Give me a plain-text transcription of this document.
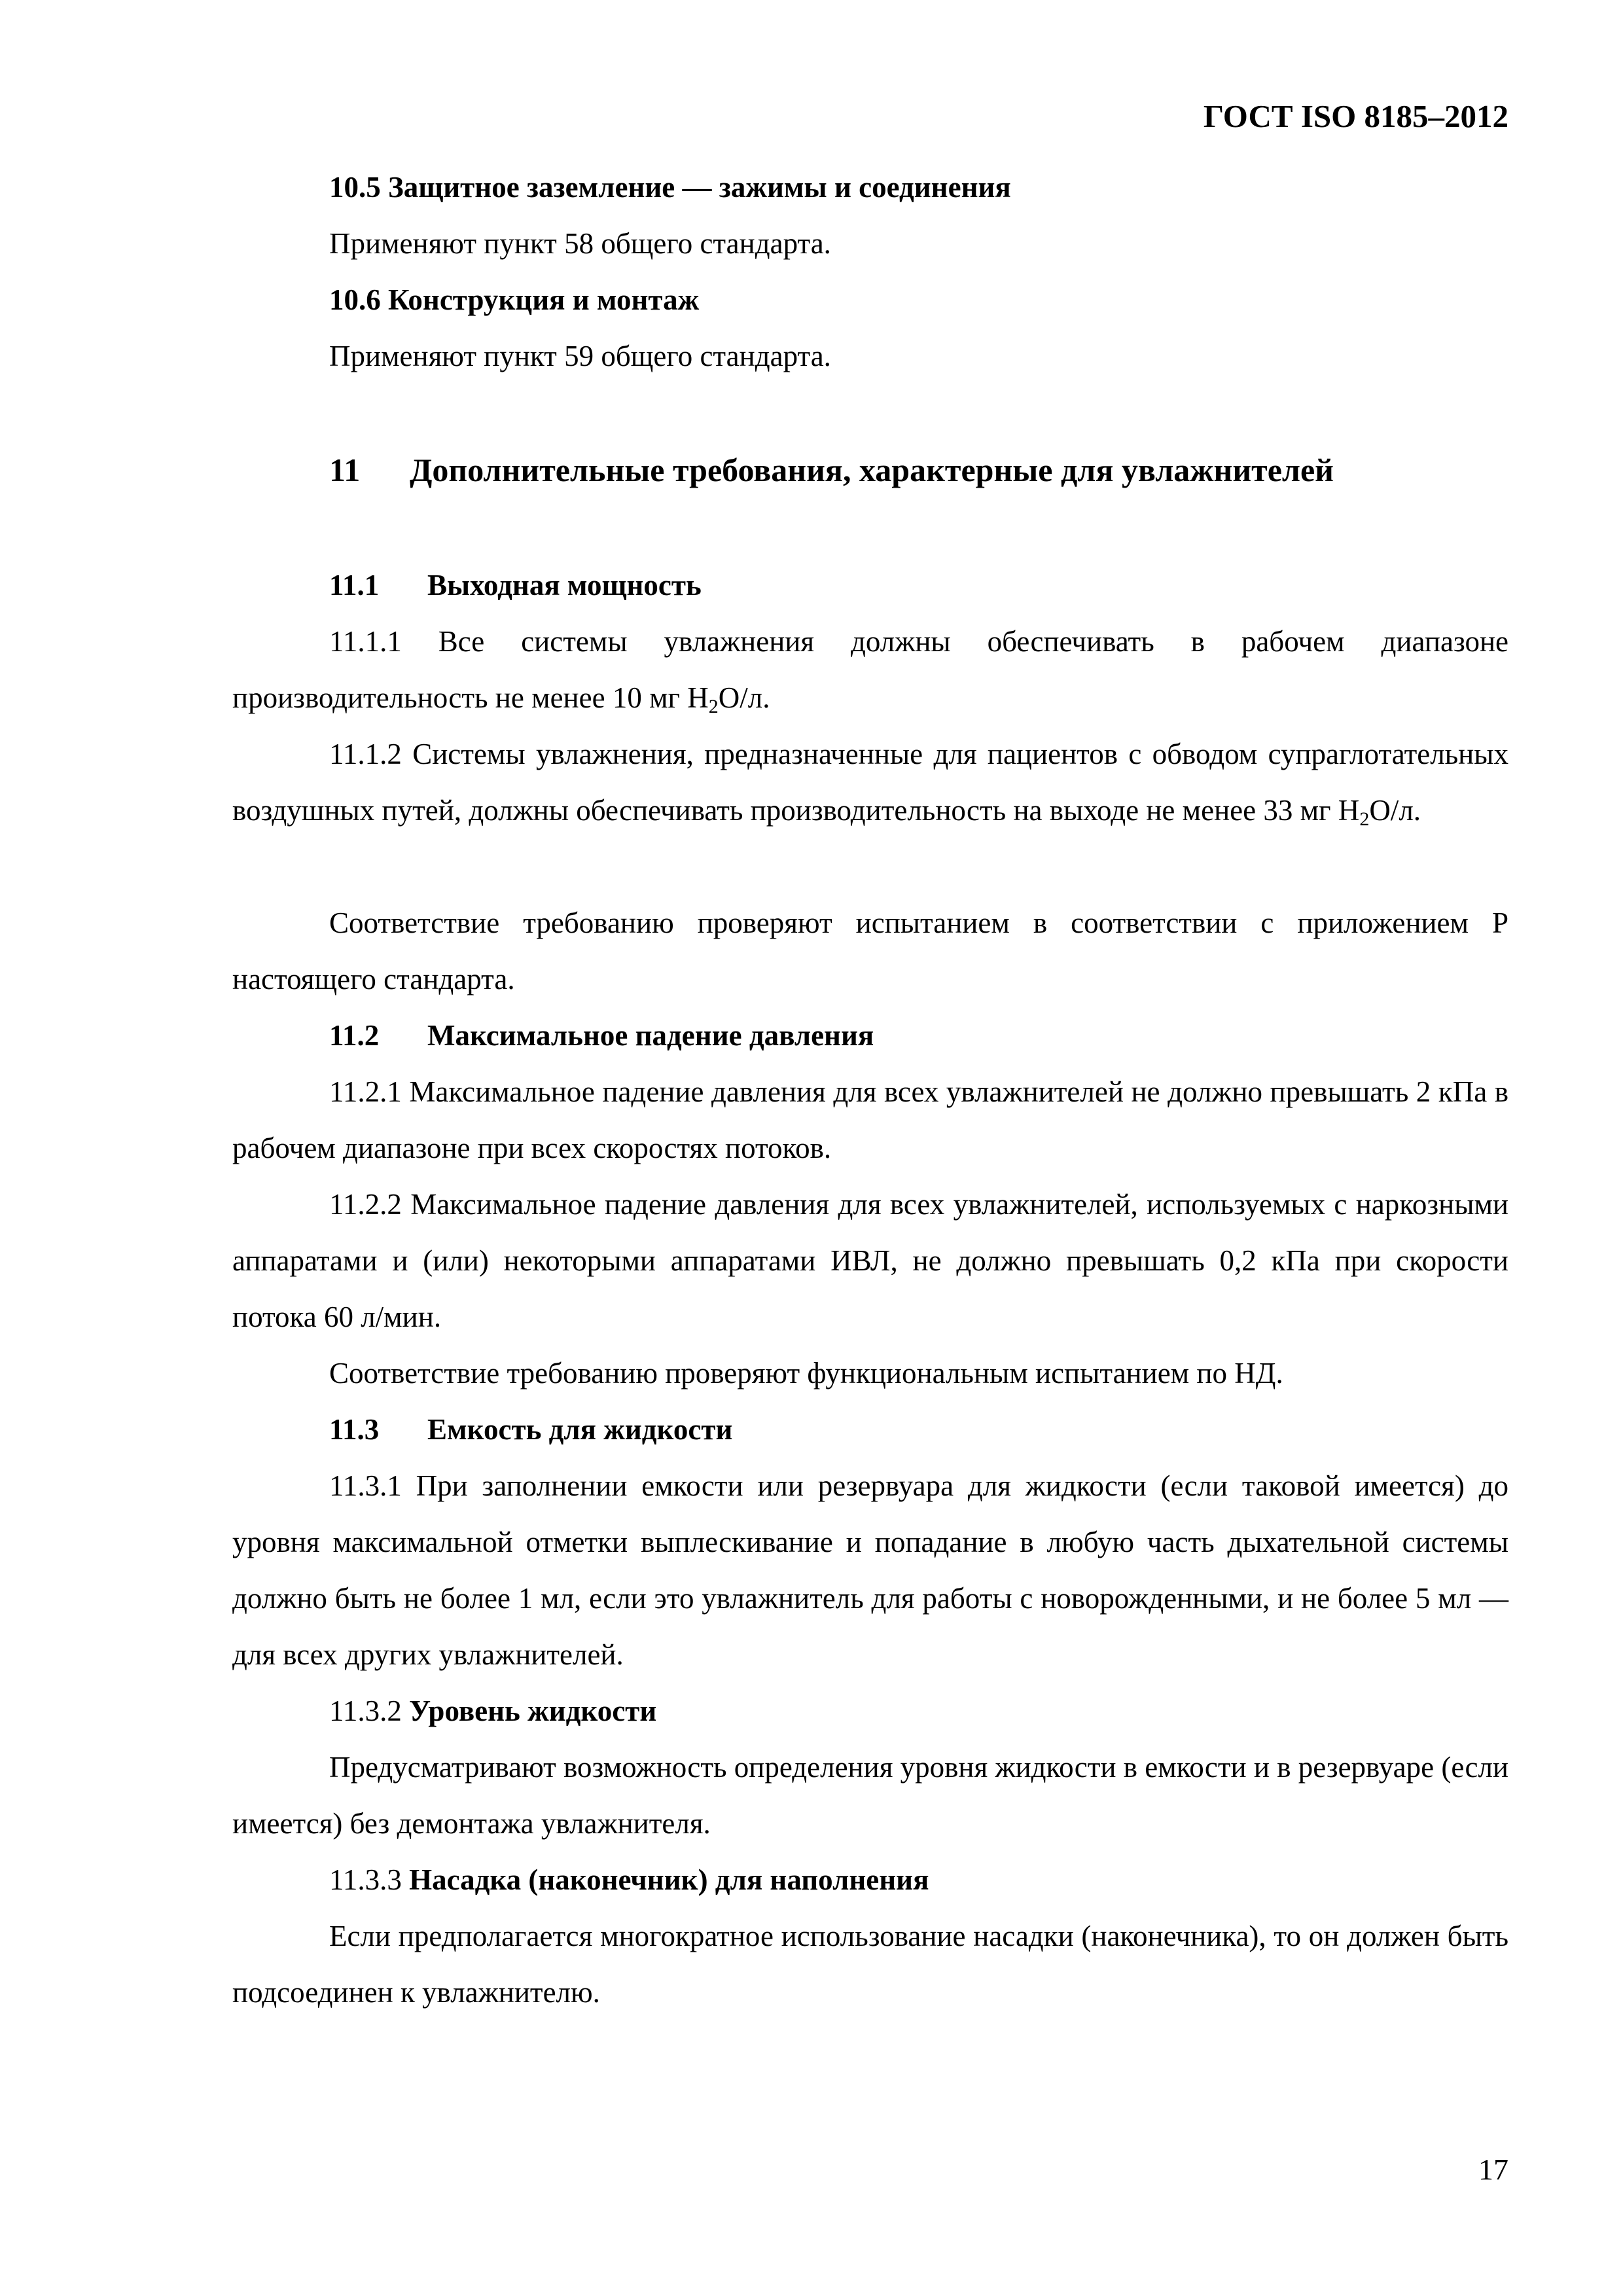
ГОСТ ISO 8185–2012

10.5 Защитное заземление — зажимы и соединения

Применяют пункт 58 общего стандарта.

10.6 Конструкция и монтаж

Применяют пункт 59 общего стандарта.

11 Дополнительные требования, характерные для увлажнителей
11.1 Выходная мощность
11.1.1 Все системы увлажнения должны обеспечивать в рабочем диапазоне производительность не менее 10 мг $H_2O/л$.
11.1.2 Системы увлажнения, предназначенные для пациентов с обводом супраглотательных воздушных путей, должны обеспечивать производительность на выходе не менее 33 мг $H_2O/л$.
Соответствие требованию проверяют испытанием в соответствии с приложением Р настоящего стандарта.
11.2 Максимальное падение давления
11.2.1 Максимальное падение давления для всех увлажнителей не должно превышать 2 кПа в рабочем диапазоне при всех скоростях потоков.
11.2.2 Максимальное падение давления для всех увлажнителей, используемых с наркозными аппаратами и (или) некоторыми аппаратами ИВЛ, не должно превышать 0,2 кПа при скорости потока 60 л/мин.
Соответствие требованию проверяют функциональным испытанием по НД.
11.3 Емкость для жидкости
11.3.1 При заполнении емкости или резервуара для жидкости (если таковой имеется) до уровня максимальной отметки выплескивание и попадание в любую часть дыхательной системы должно быть не более 1 мл, если это увлажнитель для работы с новорожденными, и не более 5 мл — для всех других увлажнителей.
11.3.2 Уровень жидкости
Предусматривают возможность определения уровня жидкости в емкости и в резервуаре (если имеется) без демонтажа увлажнителя.
11.3.3 Насадка (наконечник) для наполнения
Если предполагается многократное использование насадки (наконечника), то он должен быть подсоединен к увлажнителю.
17
